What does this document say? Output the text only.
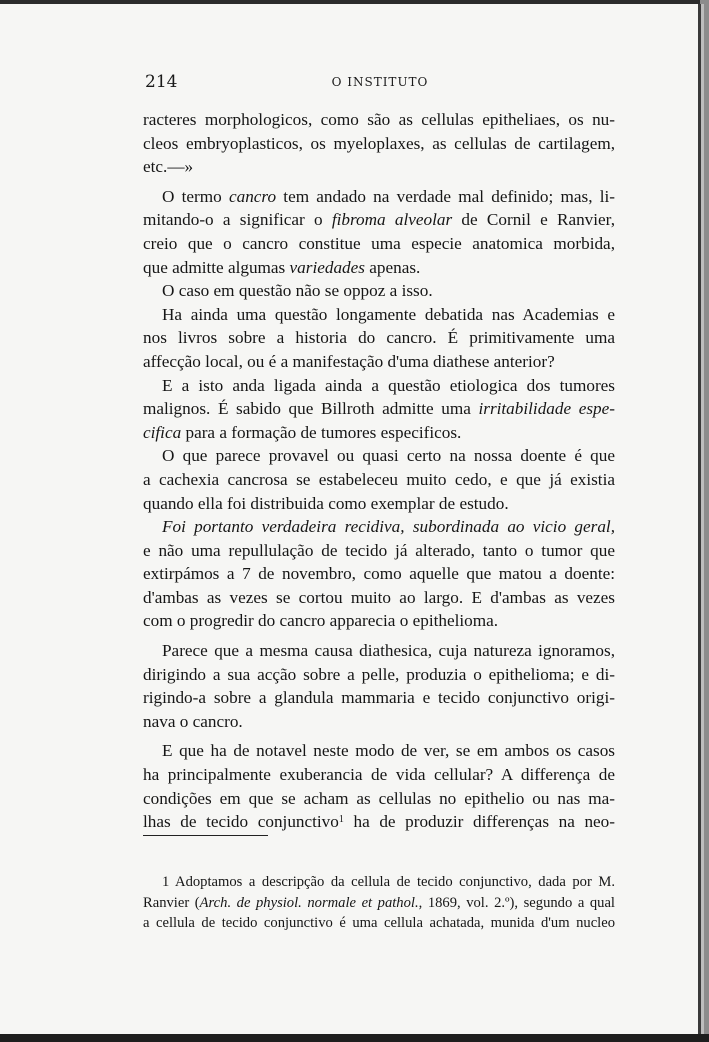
214	O INSTITUTO
racteres morphologicos, como são as cellulas epitheliaes, os nu-
cleos embryoplasticos, os myeloplaxes, as cellulas de cartilagem,
etc.—»
O termo cancro tem andado na verdade mal definido; mas, li-
mitando-o a significar o fibroma alveolar de Cornil e Ranvier,
creio que o cancro constitue uma especie anatomica morbida,
que admitte algumas variedades apenas.
O caso em questão não se oppoz a isso.
Ha ainda uma questão longamente debatida nas Academias e
nos livros sobre a historia do cancro. É primitivamente uma
affecção local, ou é a manifestação d'uma diathese anterior?
E a isto anda ligada ainda a questão etiologica dos tumores
malignos. É sabido que Billroth admitte uma irritabilidade espe-
cifica para a formação de tumores especificos.
O que parece provavel ou quasi certo na nossa doente é que
a cachexia cancrosa se estabeleceu muito cedo, e que já existia
quando ella foi distribuida como exemplar de estudo.
Foi portanto verdadeira recidiva, subordinada ao vicio geral,
e não uma repullulação de tecido já alterado, tanto o tumor que
extirpámos a 7 de novembro, como aquelle que matou a doente:
d'ambas as vezes se cortou muito ao largo. E d'ambas as vezes
com o progredir do cancro apparecia o epithelioma.
Parece que a mesma causa diathesica, cuja natureza ignoramos,
dirigindo a sua acção sobre a pelle, produzia o epithelioma; e di-
rigindo-a sobre a glandula mammaria e tecido conjunctivo origi-
nava o cancro.
E que ha de notavel neste modo de ver, se em ambos os casos
ha principalmente exuberancia de vida cellular? A differença de
condições em que se acham as cellulas no epithelio ou nas ma-
lhas de tecido conjunctivo$^1$ ha de produzir differenças na neo-
1 Adoptamos a descripção da cellula de tecido conjunctivo, dada por M.
Ranvier (Arch. de physiol. normale et pathol., 1869, vol. 2.º), segundo a qual
a cellula de tecido conjunctivo é uma cellula achatada, munida d'um nucleo
